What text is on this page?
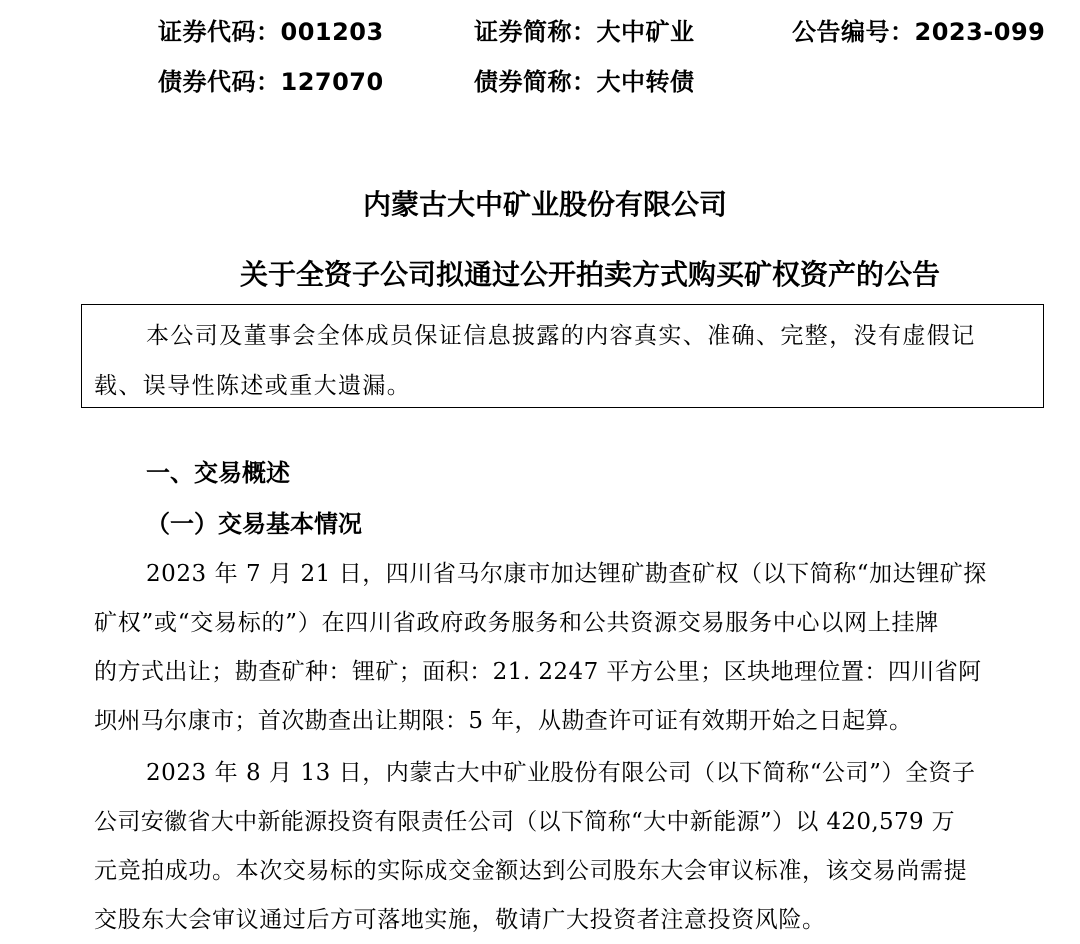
证券代码：001203	证券简称：大中矿业	公告编号：2023-099
债券代码：127070	债券简称：大中转债
内蒙古大中矿业股份有限公司
关于全资子公司拟通过公开拍卖方式购买矿权资产的公告
本公司及董事会全体成员保证信息披露的内容真实、准确、完整，没有虚假记
载、误导性陈述或重大遗漏。
一、交易概述
（一）交易基本情况
2023 年 7 月 21 日，四川省马尔康市加达锂矿勘查矿权（以下简称“加达锂矿探
矿权”或“交易标的”）在四川省政府政务服务和公共资源交易服务中心以网上挂牌
的方式出让；勘查矿种：锂矿；面积：21. 2247 平方公里；区块地理位置：四川省阿
坝州马尔康市；首次勘查出让期限：5 年，从勘查许可证有效期开始之日起算。
2023 年 8 月 13 日，内蒙古大中矿业股份有限公司（以下简称“公司”）全资子
公司安徽省大中新能源投资有限责任公司（以下简称“大中新能源”）以 420,579 万
元竞拍成功。本次交易标的实际成交金额达到公司股东大会审议标准，该交易尚需提
交股东大会审议通过后方可落地实施，敬请广大投资者注意投资风险。
